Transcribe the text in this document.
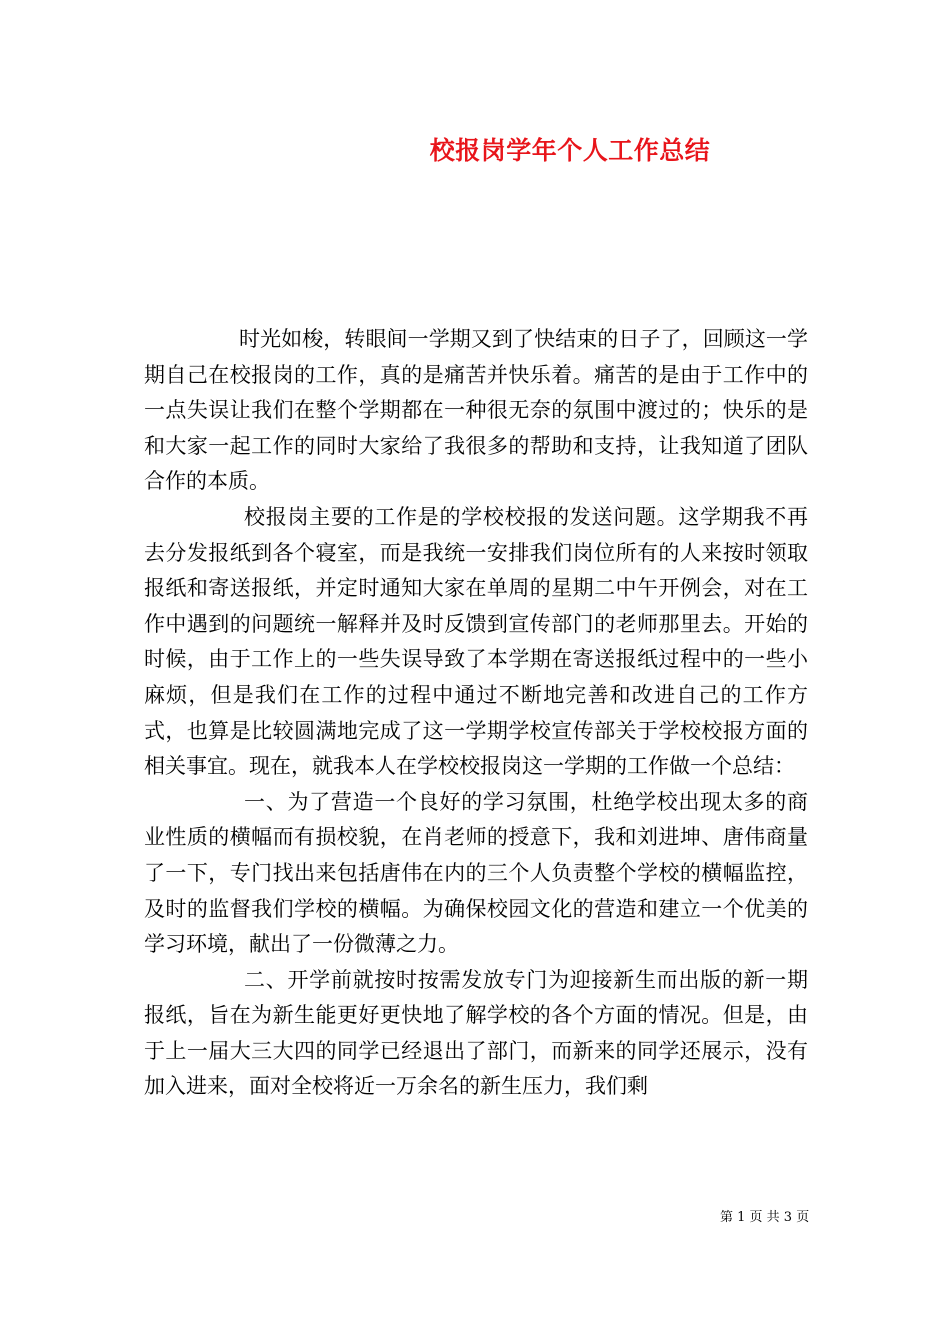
校报岗学年个人工作总结

时光如梭，转眼间一学期又到了快结束的日子了，回顾这一学期自己在校报岗的工作，真的是痛苦并快乐着。痛苦的是由于工作中的一点失误让我们在整个学期都在一种很无奈的氛围中渡过的；快乐的是和大家一起工作的同时大家给了我很多的帮助和支持，让我知道了团队合作的本质。

校报岗主要的工作是的学校校报的发送问题。这学期我不再去分发报纸到各个寝室，而是我统一安排我们岗位所有的人来按时领取报纸和寄送报纸，并定时通知大家在单周的星期二中午开例会，对在工作中遇到的问题统一解释并及时反馈到宣传部门的老师那里去。开始的时候，由于工作上的一些失误导致了本学期在寄送报纸过程中的一些小麻烦，但是我们在工作的过程中通过不断地完善和改进自己的工作方式，也算是比较圆满地完成了这一学期学校宣传部关于学校校报方面的相关事宜。现在，就我本人在学校校报岗这一学期的工作做一个总结：

一、为了营造一个良好的学习氛围，杜绝学校出现太多的商业性质的横幅而有损校貌，在肖老师的授意下，我和刘进坤、唐伟商量了一下，专门找出来包括唐伟在内的三个人负责整个学校的横幅监控，及时的监督我们学校的横幅。为确保校园文化的营造和建立一个优美的学习环境，献出了一份微薄之力。

二、开学前就按时按需发放专门为迎接新生而出版的新一期报纸，旨在为新生能更好更快地了解学校的各个方面的情况。但是，由于上一届大三大四的同学已经退出了部门，而新来的同学还展示，没有加入进来，面对全校将近一万余名的新生压力，我们剩

第 1 页 共 3 页
